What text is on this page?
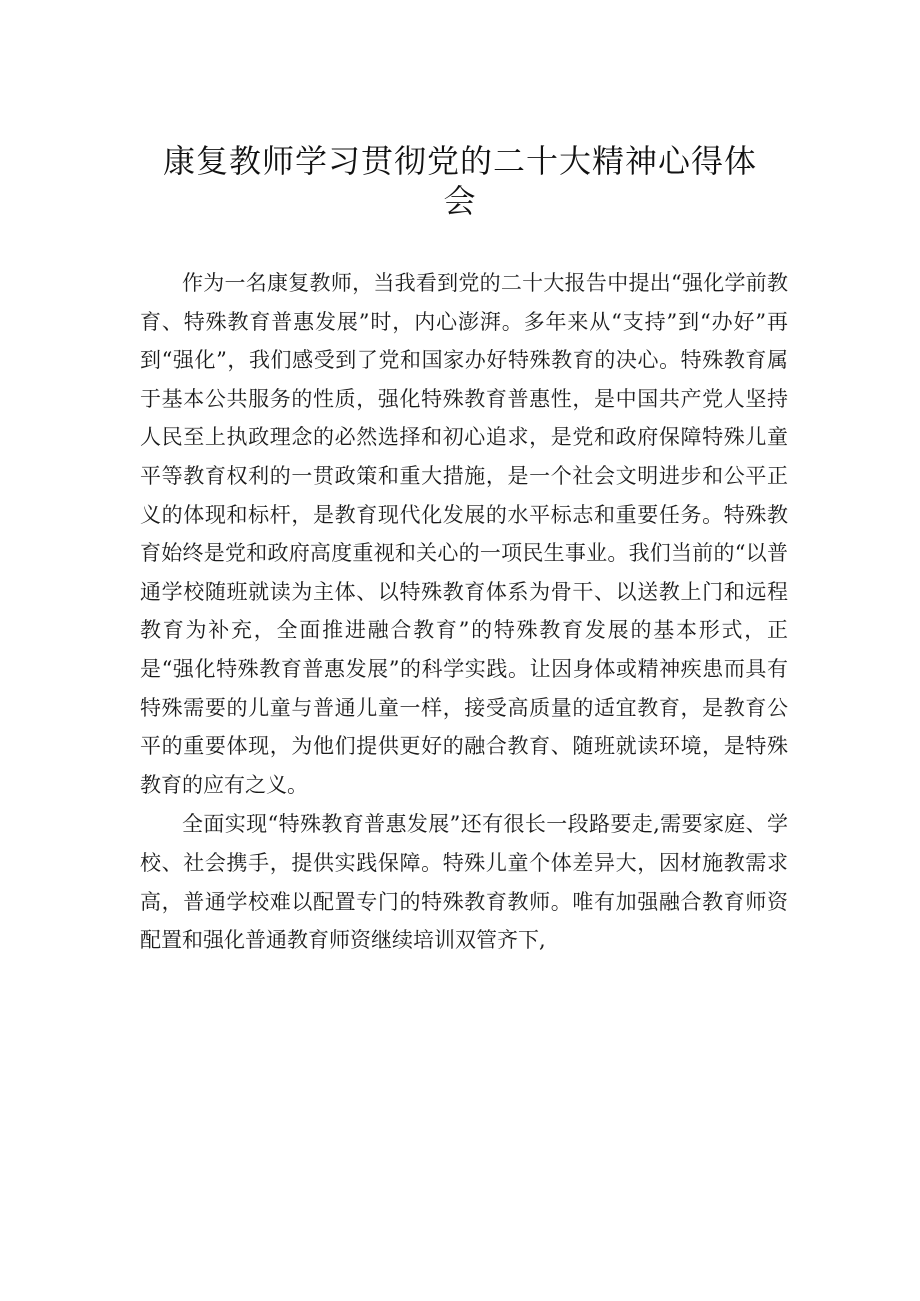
康复教师学习贯彻党的二十大精神心得体
会

作为一名康复教师，当我看到党的二十大报告中提出“强化学前教育、特殊教育普惠发展”时，内心澎湃。多年来从“支持”到“办好”再到“强化”，我们感受到了党和国家办好特殊教育的决心。特殊教育属于基本公共服务的性质，强化特殊教育普惠性，是中国共产党人坚持人民至上执政理念的必然选择和初心追求，是党和政府保障特殊儿童平等教育权利的一贯政策和重大措施，是一个社会文明进步和公平正义的体现和标杆，是教育现代化发展的水平标志和重要任务。特殊教育始终是党和政府高度重视和关心的一项民生事业。我们当前的“以普通学校随班就读为主体、以特殊教育体系为骨干、以送教上门和远程教育为补充，全面推进融合教育”的特殊教育发展的基本形式，正是“强化特殊教育普惠发展”的科学实践。让因身体或精神疾患而具有特殊需要的儿童与普通儿童一样，接受高质量的适宜教育，是教育公平的重要体现，为他们提供更好的融合教育、随班就读环境，是特殊教育的应有之义。

全面实现“特殊教育普惠发展”还有很长一段路要走,需要家庭、学校、社会携手，提供实践保障。特殊儿童个体差异大，因材施教需求高，普通学校难以配置专门的特殊教育教师。唯有加强融合教育师资配置和强化普通教育师资继续培训双管齐下,
